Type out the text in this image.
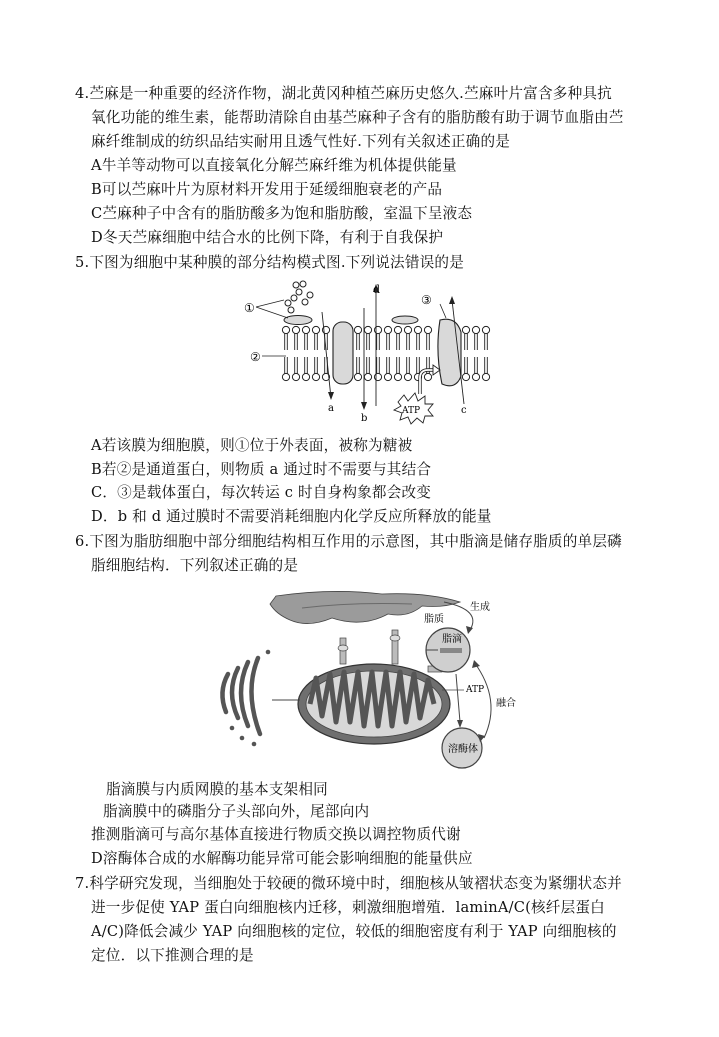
4.苎麻是一种重要的经济作物，湖北黄冈种植苎麻历史悠久.苎麻叶片富含多种具抗
氧化功能的维生素，能帮助清除自由基苎麻种子含有的脂肪酸有助于调节血脂由苎
麻纤维制成的纺织品结实耐用且透气性好.下列有关叙述正确的是
A牛羊等动物可以直接氧化分解苎麻纤维为机体提供能量
B可以苎麻叶片为原材料开发用于延缓细胞衰老的产品
C苎麻种子中含有的脂肪酸多为饱和脂肪酸，室温下呈液态
D冬天苎麻细胞中结合水的比例下降，有利于自我保护
5.下图为细胞中某种膜的部分结构模式图.下列说法错误的是
①
②
③
a
b
d
c
ATP
A若该膜为细胞膜，则①位于外表面，被称为糖被
B若②是通道蛋白，则物质 a 通过时不需要与其结合
C．③是载体蛋白，每次转运 c 时自身构象都会改变
D．b 和 d 通过膜时不需要消耗细胞内化学反应所释放的能量
6.下图为脂肪细胞中部分细胞结构相互作用的示意图，其中脂滴是储存脂质的单层磷
脂细胞结构．下列叙述正确的是
脂滴
脂质
溶酶体
ATP
生成
融合
脂滴膜与内质网膜的基本支架相同
脂滴膜中的磷脂分子头部向外，尾部向内
推测脂滴可与高尔基体直接进行物质交换以调控物质代谢
D溶酶体合成的水解酶功能异常可能会影响细胞的能量供应
7.科学研究发现，当细胞处于较硬的微环境中时，细胞核从皱褶状态变为紧绷状态并
进一步促使 YAP 蛋白向细胞核内迁移，刺激细胞增殖．laminA/C(核纤层蛋白
A/C)降低会减少 YAP 向细胞核的定位，较低的细胞密度有利于 YAP 向细胞核的
定位．以下推测合理的是
